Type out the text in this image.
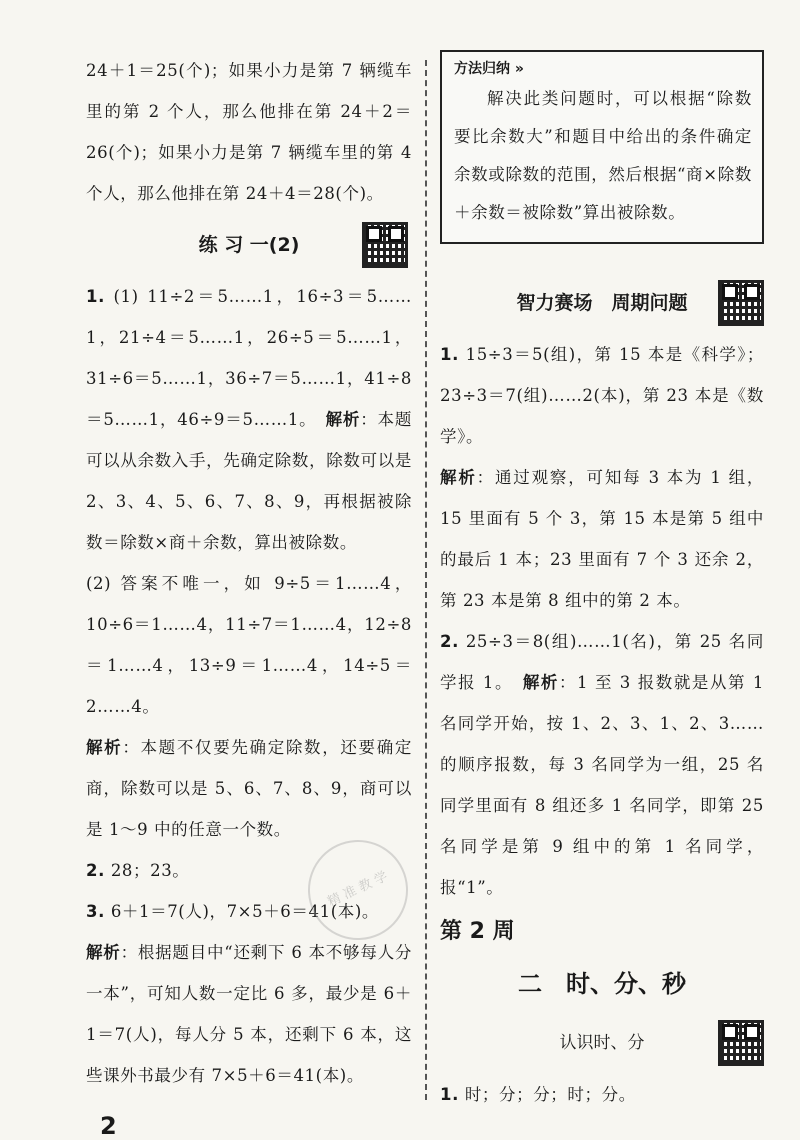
24＋1＝25(个)；如果小力是第 7 辆缆车里的第 2 个人，那么他排在第 24＋2＝26(个)；如果小力是第 7 辆缆车里的第 4 个人，那么他排在第 24＋4＝28(个)。

练 习 一(2)

1. (1) 11÷2＝5……1，16÷3＝5……1，21÷4＝5……1，26÷5＝5……1，31÷6＝5……1，36÷7＝5……1，41÷8＝5……1，46÷9＝5……1。　 解析：本题可以从余数入手，先确定除数，除数可以是 2、3、4、5、6、7、8、9，再根据被除数＝除数×商＋余数，算出被除数。

(2) 答案不唯一，如 9÷5＝1……4，10÷6＝1……4，11÷7＝1……4，12÷8＝1……4，13÷9＝1……4，14÷5＝2……4。

解析：本题不仅要先确定除数，还要确定商，除数可以是 5、6、7、8、9，商可以是 1～9 中的任意一个数。

2. 28；23。

3. 6＋1＝7(人)，7×5＋6＝41(本)。

解析：根据题目中“还剩下 6 本不够每人分一本”，可知人数一定比 6 多，最少是 6＋1＝7(人)，每人分 5 本，还剩下 6 本，这些课外书最少有 7×5＋6＝41(本)。

方法归纳 »

解决此类问题时，可以根据“除数要比余数大”和题目中给出的条件确定余数或除数的范围，然后根据“商×除数＋余数＝被除数”算出被除数。

智力赛场　周期问题

1. 15÷3＝5(组)，第 15 本是《科学》；23÷3＝7(组)……2(本)，第 23 本是《数学》。

解析：通过观察，可知每 3 本为 1 组，15 里面有 5 个 3，第 15 本是第 5 组中的最后 1 本；23 里面有 7 个 3 还余 2，第 23 本是第 8 组中的第 2 本。

2. 25÷3＝8(组)……1(名)，第 25 名同学报 1。　 解析：1 至 3 报数就是从第 1 名同学开始，按 1、2、3、1、2、3……的顺序报数，每 3 名同学为一组，25 名同学里面有 8 组还多 1 名同学，即第 25 名同学是第 9 组中的第 1 名同学，报“1”。

第 2 周
二　时、分、秒
认识时、分

1. 时；分；分；时；分。

精 准 教 学
2
